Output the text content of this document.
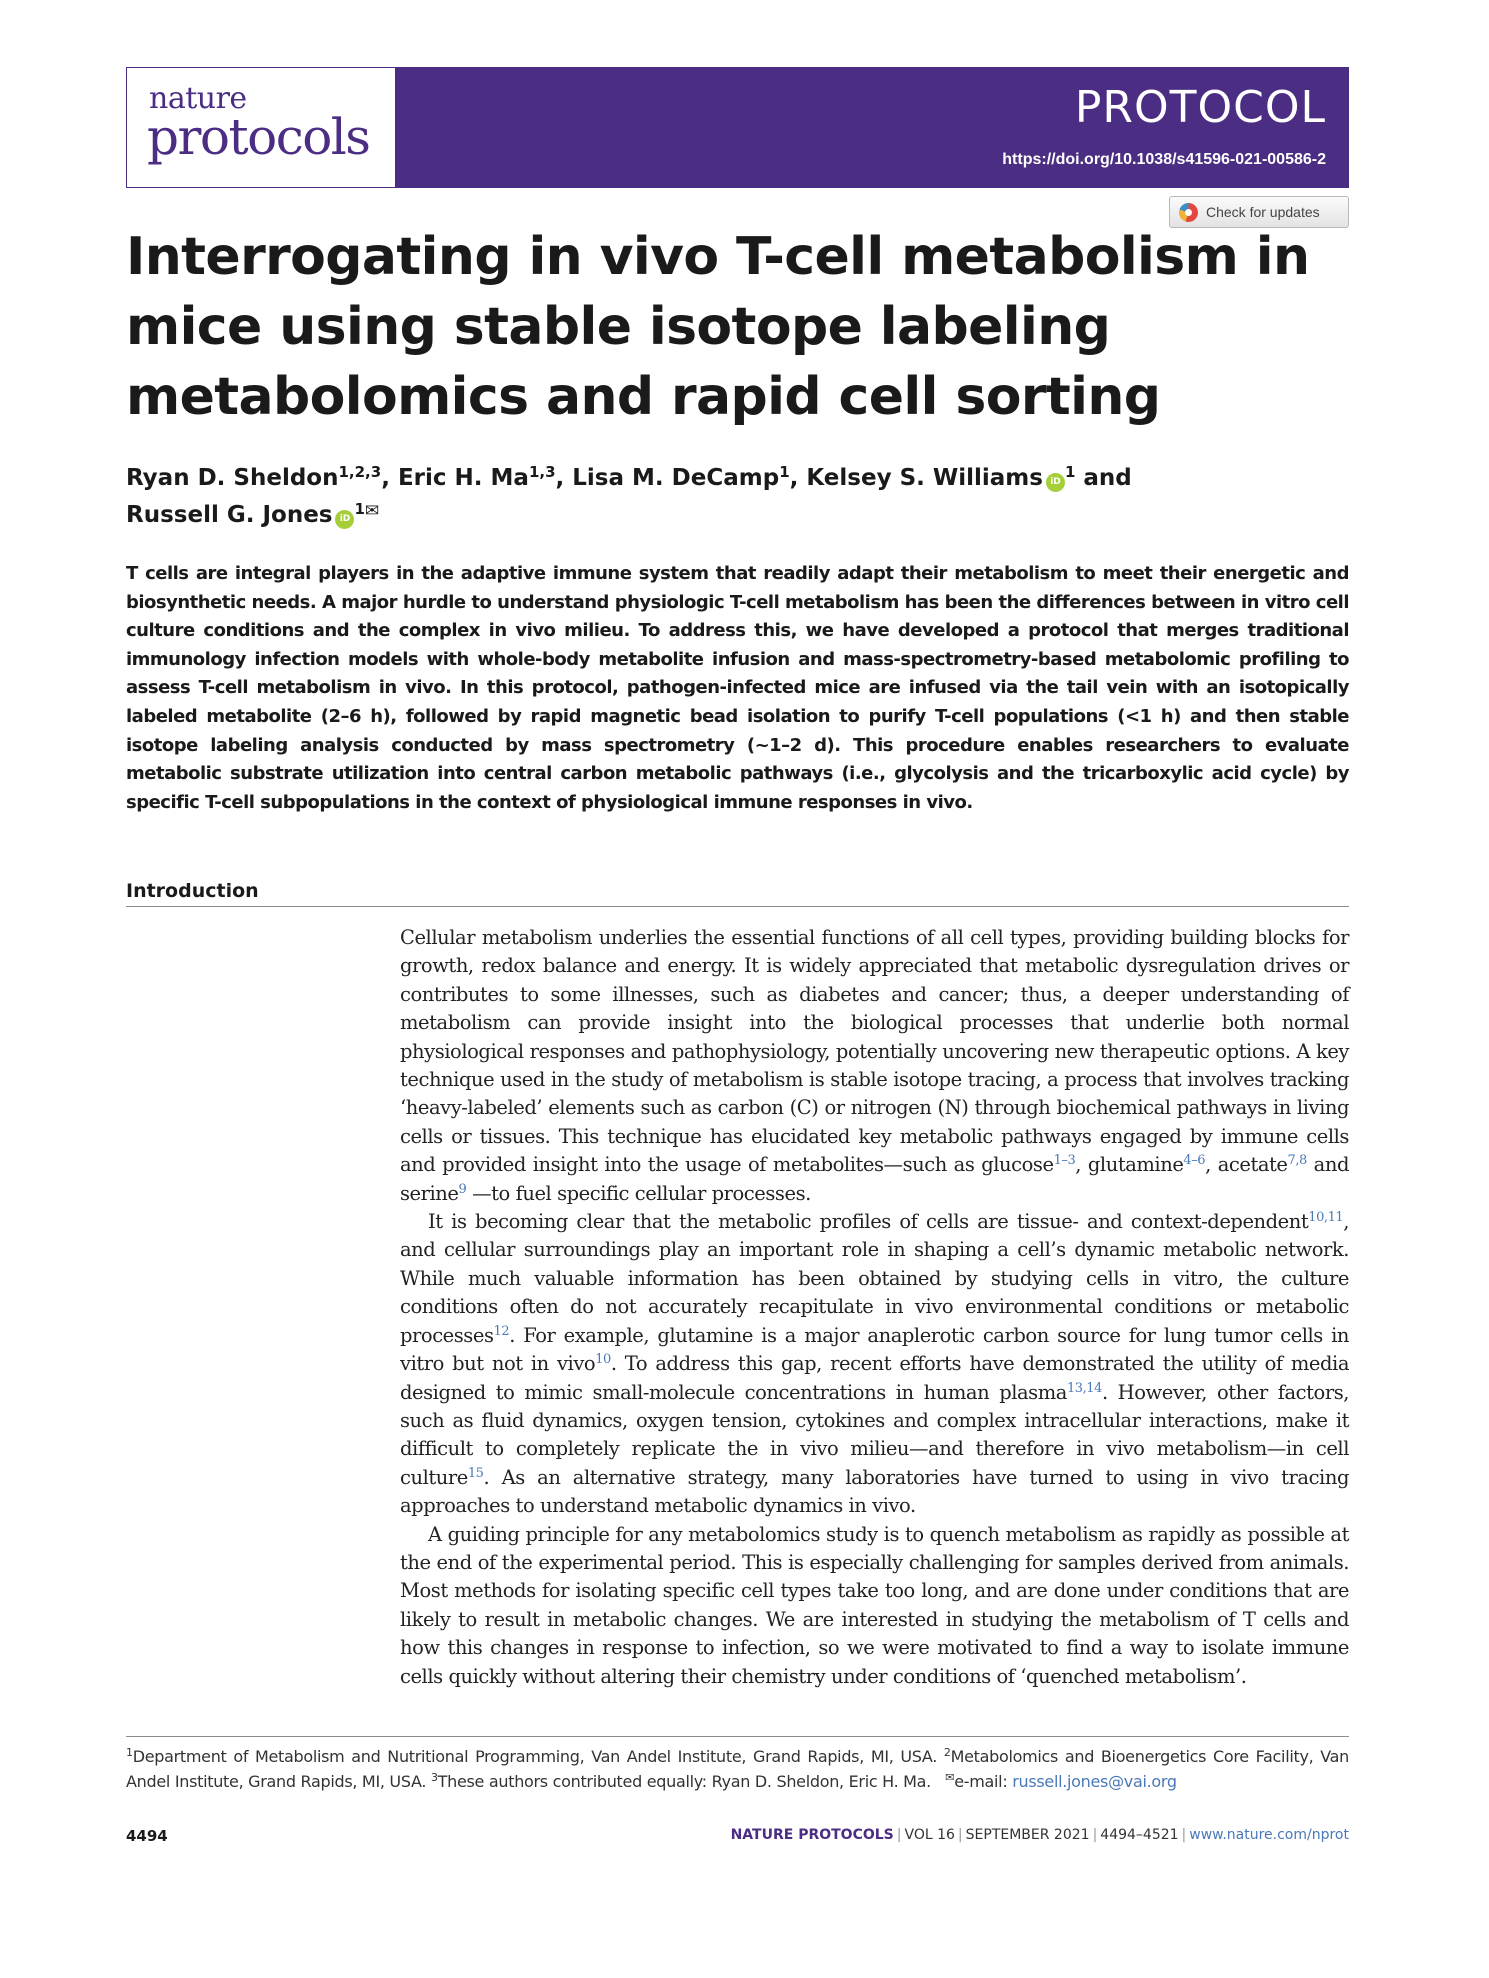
nature
protocols
PROTOCOL
https://doi.org/10.1038/s41596-021-00586-2
Check for updates
Interrogating in vivo T-cell metabolism in mice using stable isotope labeling metabolomics and rapid cell sorting
Ryan D. Sheldon$^{1,2,3}$, Eric H. Ma$^{1,3}$, Lisa M. DeCamp$^1$, Kelsey S. Williams $iD^1$ and
Russell G. Jones $iD^{1✉}$

T cells are integral players in the adaptive immune system that readily adapt their metabolism to meet their energetic and biosynthetic needs. A major hurdle to understand physiologic T-cell metabolism has been the differences between in vitro cell culture conditions and the complex in vivo milieu. To address this, we have developed a protocol that merges traditional immunology infection models with whole-body metabolite infusion and mass-spectrometry-based metabolomic profiling to assess T-cell metabolism in vivo. In this protocol, pathogen-infected mice are infused via the tail vein with an isotopically labeled metabolite (2–6 h), followed by rapid magnetic bead isolation to purify T-cell populations (<1 h) and then stable isotope labeling analysis conducted by mass spectrometry (~1–2 d). This procedure enables researchers to evaluate metabolic substrate utilization into central carbon metabolic pathways (i.e., glycolysis and the tricarboxylic acid cycle) by specific T-cell subpopulations in the context of physiological immune responses in vivo.

Introduction

Cellular metabolism underlies the essential functions of all cell types, providing building blocks for growth, redox balance and energy. It is widely appreciated that metabolic dysregulation drives or contributes to some illnesses, such as diabetes and cancer; thus, a deeper understanding of metabolism can provide insight into the biological processes that underlie both normal physiological responses and pathophysiology, potentially uncovering new therapeutic options. A key technique used in the study of metabolism is stable isotope tracing, a process that involves tracking ‘heavy-labeled’ elements such as carbon (C) or nitrogen (N) through biochemical pathways in living cells or tissues. This technique has elucidated key metabolic pathways engaged by immune cells and provided insight into the usage of metabolites—such as glucose$^{1-3}$, glutamine$^{4-6}$, acetate$^{7,8}$ and serine$^9$ —to fuel specific cellular processes.

It is becoming clear that the metabolic profiles of cells are tissue- and context-dependent$^{10,11}$, and cellular surroundings play an important role in shaping a cell’s dynamic metabolic network. While much valuable information has been obtained by studying cells in vitro, the culture conditions often do not accurately recapitulate in vivo environmental conditions or metabolic processes$^{12}$. For example, glutamine is a major anaplerotic carbon source for lung tumor cells in vitro but not in vivo$^{10}$. To address this gap, recent efforts have demonstrated the utility of media designed to mimic small-molecule concentrations in human plasma$^{13,14}$. However, other factors, such as fluid dynamics, oxygen tension, cytokines and complex intracellular interactions, make it difficult to completely replicate the in vivo milieu—and therefore in vivo metabolism—in cell culture$^{15}$. As an alternative strategy, many laboratories have turned to using in vivo tracing approaches to understand metabolic dynamics in vivo.

A guiding principle for any metabolomics study is to quench metabolism as rapidly as possible at the end of the experimental period. This is especially challenging for samples derived from animals. Most methods for isolating specific cell types take too long, and are done under conditions that are likely to result in metabolic changes. We are interested in studying the metabolism of T cells and how this changes in response to infection, so we were motivated to find a way to isolate immune cells quickly without altering their chemistry under conditions of ‘quenched metabolism’.

$^1$Department of Metabolism and Nutritional Programming, Van Andel Institute, Grand Rapids, MI, USA. $^2$Metabolomics and Bioenergetics Core Facility, Van Andel Institute, Grand Rapids, MI, USA. $^3$These authors contributed equally: Ryan D. Sheldon, Eric H. Ma. ✉e-mail: russell.jones@vai.org
4494	NATURE PROTOCOLS | VOL 16 | SEPTEMBER 2021 | 4494–4521 | www.nature.com/nprot
